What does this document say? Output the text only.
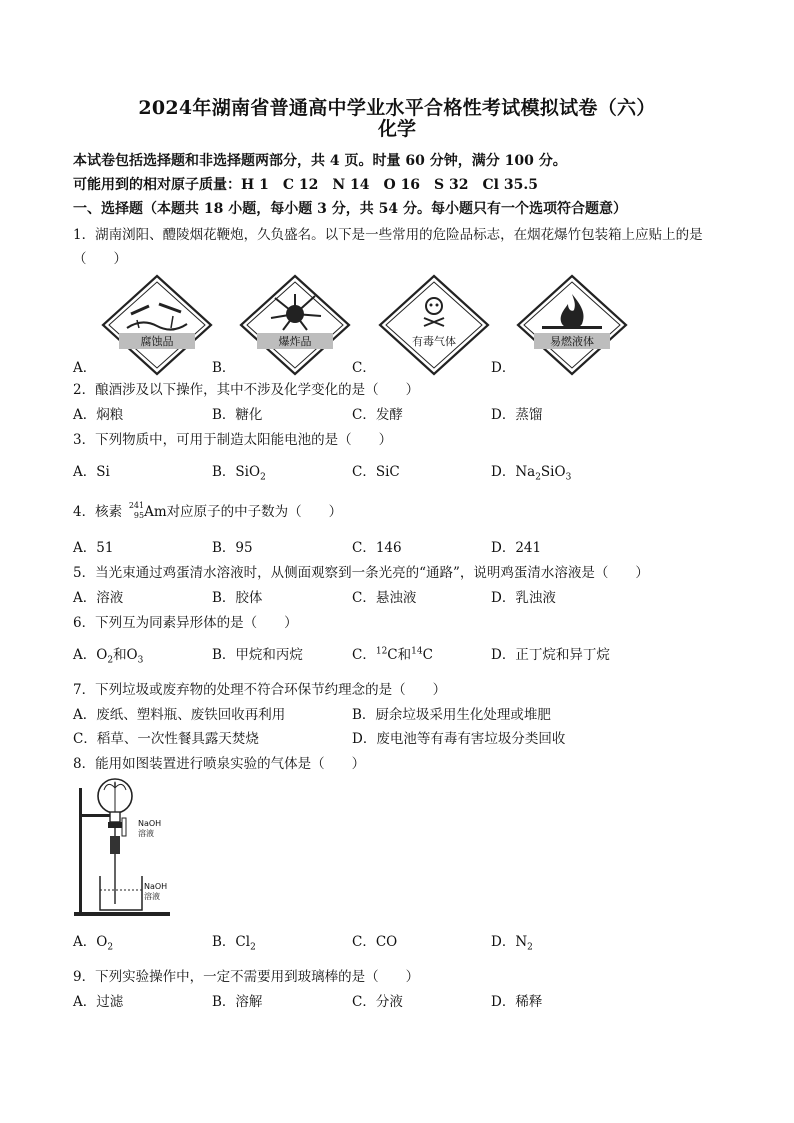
2024年湖南省普通高中学业水平合格性考试模拟试卷（六）
化学
本试卷包括选择题和非选择题两部分，共 4 页。时量 60 分钟，满分 100 分。
可能用到的相对原子质量：H 1　C 12　N 14　O 16　S 32　Cl 35.5
一、选择题（本题共 18 小题，每小题 3 分，共 54 分。每小题只有一个选项符合题意）
1．湖南浏阳、醴陵烟花鞭炮，久负盛名。以下是一些常用的危险品标志，在烟花爆竹包装箱上应贴上的是
（　　）
腐蚀品	爆炸品	有毒气体	易燃液体
A．	B．	C．	D．
2．酿酒涉及以下操作，其中不涉及化学变化的是（　　）
A．焖粮	B．糖化	C．发酵	D．蒸馏
3．下列物质中，可用于制造太阳能电池的是（　　）
A．Si	B．SiO$_2$	C．SiC	D．$Na_2SiO_3$
4．核素 241
95 Am对应原子的中子数为（　　）
A．51	B．95	C．146	D．241
5．当光束通过鸡蛋清水溶液时，从侧面观察到一条光亮的“通路”，说明鸡蛋清水溶液是（　　）
A．溶液	B．胶体	C．悬浊液	D．乳浊液
6．下列互为同素异形体的是（　　）
A．$O_2$和$O_3$	B．甲烷和丙烷	C．$^{12}$C和$^{14}$C	D．正丁烷和异丁烷
7．下列垃圾或废弃物的处理不符合环保节约理念的是（　　）
A．废纸、塑料瓶、废铁回收再利用	B．厨余垃圾采用生化处理或堆肥
C．稻草、一次性餐具露天焚烧	D．废电池等有毒有害垃圾分类回收
8．能用如图装置进行喷泉实验的气体是（　　）
NaOH
溶液
NaOH
溶液
A．$O_2$	B．$Cl_2$	C．CO	D．$N_2$
9．下列实验操作中，一定不需要用到玻璃棒的是（　　）
A．过滤	B．溶解	C．分液	D．稀释
